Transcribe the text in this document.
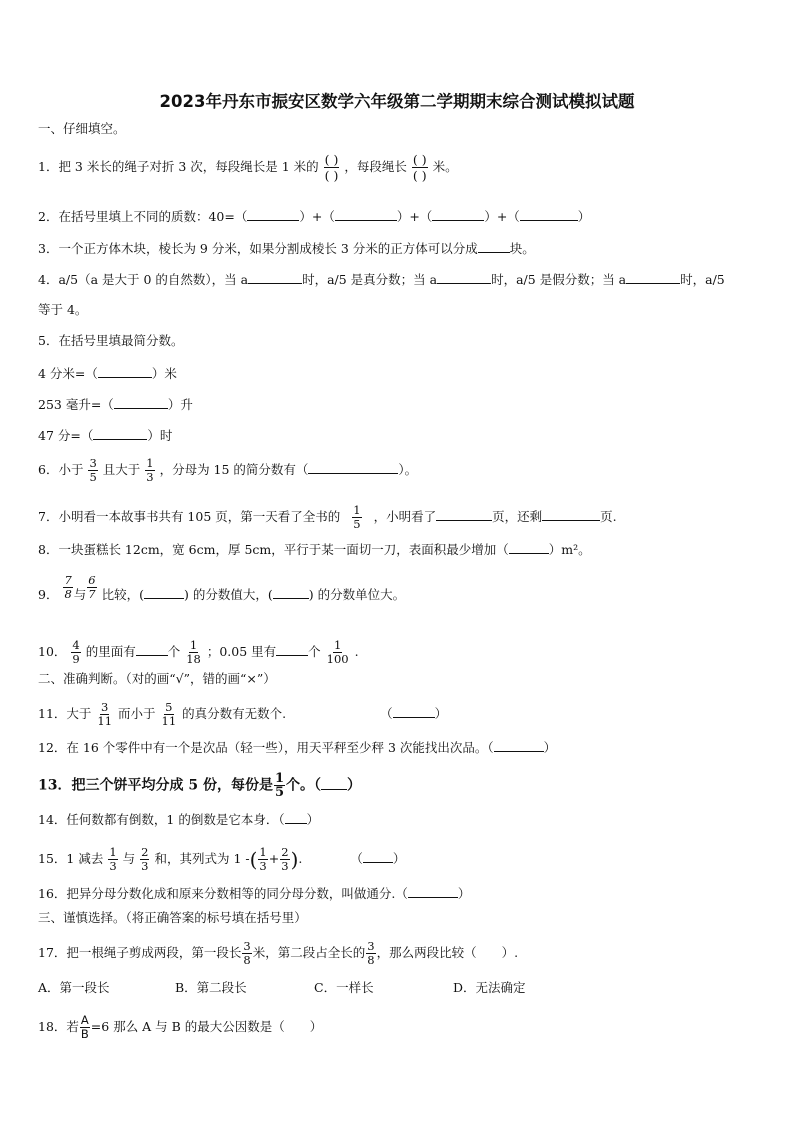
2023年丹东市振安区数学六年级第二学期期末综合测试模拟试题
一、仔细填空。
1．把 3 米长的绳子对折 3 次，每段绳长是 1 米的 $\frac{( )}{( )}$ ，每段绳长 $\frac{( )}{( )}$ 米。
2．在括号里填上不同的质数：40=（	）+（	）+（	）+（	）
3．一个正方体木块，棱长为 9 分米，如果分割成棱长 3 分米的正方体可以分成	块。
4．a/5（a 是大于 0 的自然数），当 a	时，a/5 是真分数；当 a	时，a/5 是假分数；当 a	时，a/5
等于 4。
5．在括号里填最简分数。
4 分米=（	）米
253 毫升=（	）升
47 分=（	）时
6．小于 $\frac{3}{5}$ 且大于 $\frac{1}{3}$ ，分母为 15 的简分数有（	）。
7．小明看一本故事书共有 105 页，第一天看了全书的 $\frac{1}{5}$ ，小明看了	页，还剩	页.
8．一块蛋糕长 12cm，宽 6cm，厚 5cm，平行于某一面切一刀，表面积最少增加（	）m²。
9． $\frac{7}{8}$ 与 $\frac{6}{7}$ 比较，(	) 的分数值大，(	) 的分数单位大。
10． $\frac{4}{9}$ 的里面有	个 $\frac{1}{18}$ ；0.05 里有	个 $\frac{1}{100}$ .
二、准确判断。（对的画“√”，错的画“×”）
11．大于 $\frac{3}{11}$ 而小于 $\frac{5}{11}$ 的真分数有无数个.	（	）
12．在 16 个零件中有一个是次品（轻一些），用天平秤至少秤 3 次能找出次品。（	）
13．把三个饼平均分成 5 份，每份是 $\frac{1}{5}$ 个。（ ）
14．任何数都有倒数，1 的倒数是它本身．（ ）
15．1 减去 $\frac{1}{3}$ 与 $\frac{2}{3}$ 和，其列式为 1 -( $\frac{1}{3} + \frac{2}{3}$ ).	（ ）
16．把异分母分数化成和原来分数相等的同分母分数，叫做通分.（	）
三、谨慎选择。（将正确答案的标号填在括号里）
17．把一根绳子剪成两段，第一段长 $\frac{3}{8}$ 米，第二段占全长的 $\frac{3}{8}$ ，那么两段比较（　　）.
A．第一段长	B．第二段长	C．一样长	D．无法确定
18．若 $\frac{A}{B} =6$ 那么 A 与 B 的最大公因数是（　　）
